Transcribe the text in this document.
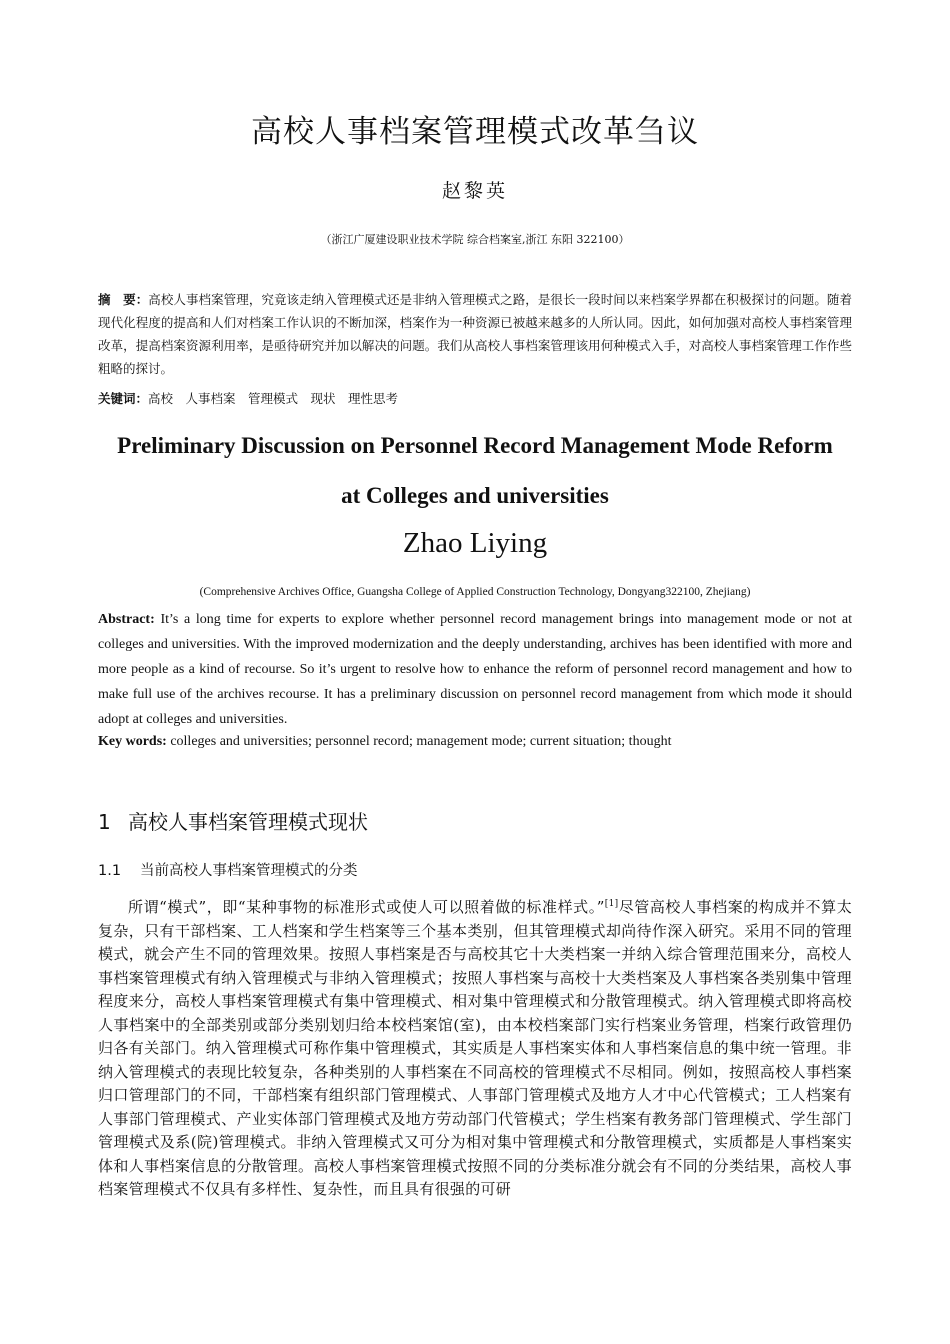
高校人事档案管理模式改革刍议
赵黎英
（浙江广厦建设职业技术学院 综合档案室,浙江 东阳 322100）
摘　要：高校人事档案管理，究竟该走纳入管理模式还是非纳入管理模式之路，是很长一段时间以来档案学界都在积极探讨的问题。随着现代化程度的提高和人们对档案工作认识的不断加深，档案作为一种资源已被越来越多的人所认同。因此，如何加强对高校人事档案管理改革，提高档案资源利用率，是亟待研究并加以解决的问题。我们从高校人事档案管理该用何种模式入手，对高校人事档案管理工作作些粗略的探讨。
关键词：高校　人事档案　管理模式　现状　理性思考
Preliminary Discussion on Personnel Record Management Mode Reform
at Colleges and universities
Zhao Liying
(Comprehensive Archives Office, Guangsha College of Applied Construction Technology, Dongyang322100, Zhejiang)
Abstract: It’s a long time for experts to explore whether personnel record management brings into management mode or not at colleges and universities. With the improved modernization and the deeply understanding, archives has been identified with more and more people as a kind of recourse. So it’s urgent to resolve how to enhance the reform of personnel record management and how to make full use of the archives recourse. It has a preliminary discussion on personnel record management from which mode it should adopt at colleges and universities.
Key words: colleges and universities; personnel record; management mode; current situation; thought
1 高校人事档案管理模式现状
1.1 当前高校人事档案管理模式的分类
所谓“模式”，即“某种事物的标准形式或使人可以照着做的标准样式。”[1]尽管高校人事档案的构成并不算太复杂，只有干部档案、工人档案和学生档案等三个基本类别，但其管理模式却尚待作深入研究。采用不同的管理模式，就会产生不同的管理效果。按照人事档案是否与高校其它十大类档案一并纳入综合管理范围来分，高校人事档案管理模式有纳入管理模式与非纳入管理模式；按照人事档案与高校十大类档案及人事档案各类别集中管理程度来分，高校人事档案管理模式有集中管理模式、相对集中管理模式和分散管理模式。纳入管理模式即将高校人事档案中的全部类别或部分类别划归给本校档案馆(室)，由本校档案部门实行档案业务管理，档案行政管理仍归各有关部门。纳入管理模式可称作集中管理模式，其实质是人事档案实体和人事档案信息的集中统一管理。非纳入管理模式的表现比较复杂，各种类别的人事档案在不同高校的管理模式不尽相同。例如，按照高校人事档案归口管理部门的不同，干部档案有组织部门管理模式、人事部门管理模式及地方人才中心代管模式；工人档案有人事部门管理模式、产业实体部门管理模式及地方劳动部门代管模式；学生档案有教务部门管理模式、学生部门管理模式及系(院)管理模式。非纳入管理模式又可分为相对集中管理模式和分散管理模式，实质都是人事档案实体和人事档案信息的分散管理。高校人事档案管理模式按照不同的分类标准分就会有不同的分类结果，高校人事档案管理模式不仅具有多样性、复杂性，而且具有很强的可研
